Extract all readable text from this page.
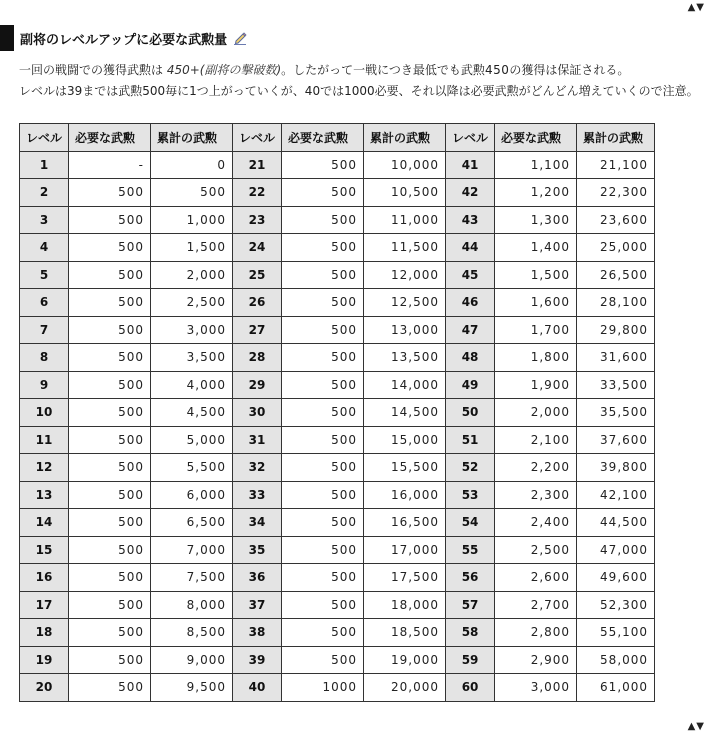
▲▼
副将のレベルアップに必要な武勲量
一回の戦闘での獲得武勲は 450+(副将の撃破数)。したがって一戦につき最低でも武勲450の獲得は保証される。
レベルは39までは武勲500毎に1つ上がっていくが、40では1000必要、それ以降は必要武勲がどんどん増えていくので注意。
レベル	必要な武勲	累計の武勲	レベル	必要な武勲	累計の武勲	レベル	必要な武勲	累計の武勲
1	-	0	21	500	10,000	41	1,100	21,100
2	500	500	22	500	10,500	42	1,200	22,300
3	500	1,000	23	500	11,000	43	1,300	23,600
4	500	1,500	24	500	11,500	44	1,400	25,000
5	500	2,000	25	500	12,000	45	1,500	26,500
6	500	2,500	26	500	12,500	46	1,600	28,100
7	500	3,000	27	500	13,000	47	1,700	29,800
8	500	3,500	28	500	13,500	48	1,800	31,600
9	500	4,000	29	500	14,000	49	1,900	33,500
10	500	4,500	30	500	14,500	50	2,000	35,500
11	500	5,000	31	500	15,000	51	2,100	37,600
12	500	5,500	32	500	15,500	52	2,200	39,800
13	500	6,000	33	500	16,000	53	2,300	42,100
14	500	6,500	34	500	16,500	54	2,400	44,500
15	500	7,000	35	500	17,000	55	2,500	47,000
16	500	7,500	36	500	17,500	56	2,600	49,600
17	500	8,000	37	500	18,000	57	2,700	52,300
18	500	8,500	38	500	18,500	58	2,800	55,100
19	500	9,000	39	500	19,000	59	2,900	58,000
20	500	9,500	40	1000	20,000	60	3,000	61,000
▲▼
